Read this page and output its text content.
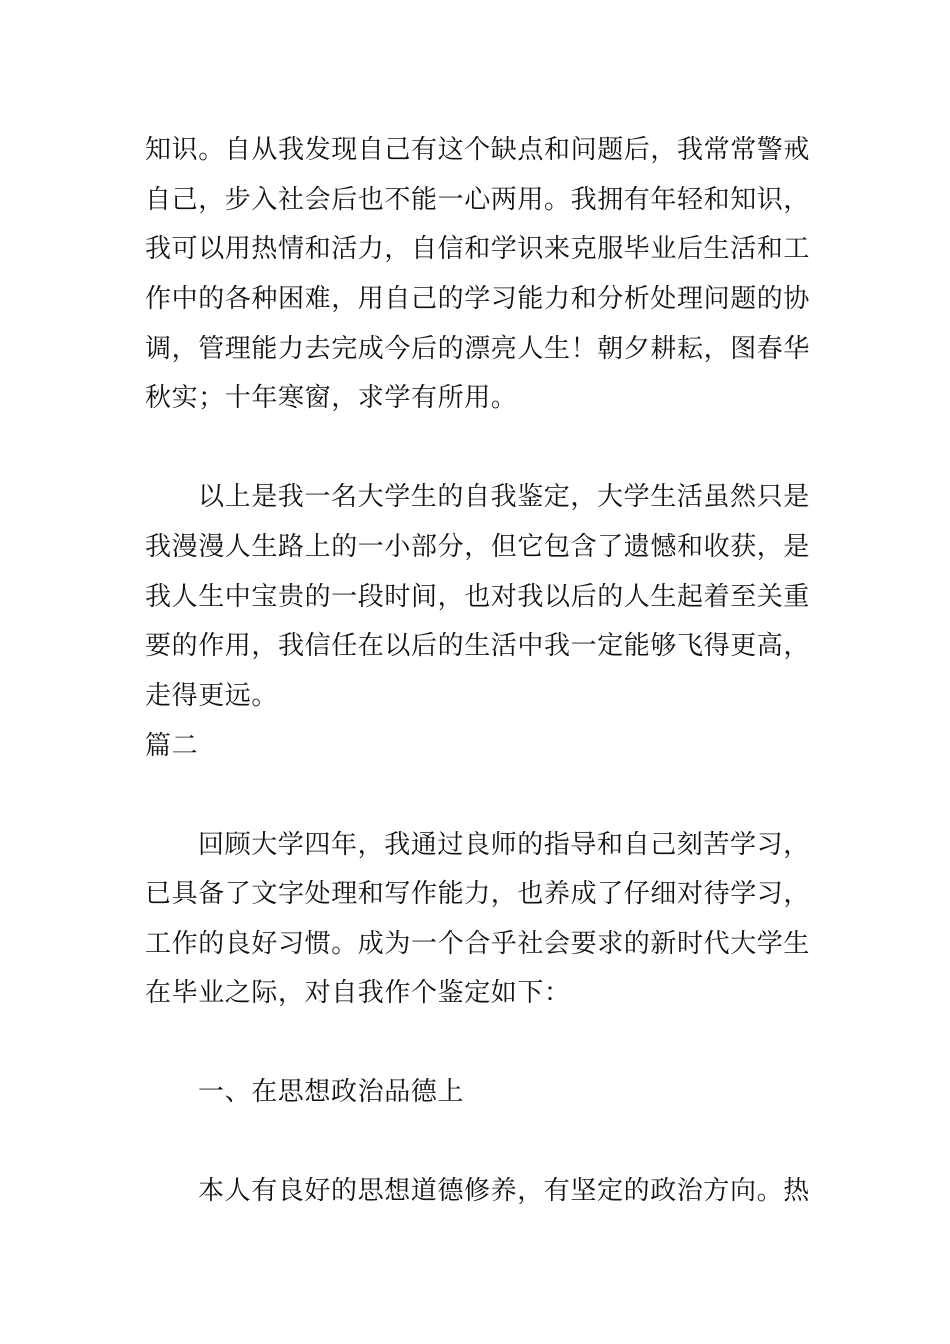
知识。自从我发现自己有这个缺点和问题后，我常常警戒
自己，步入社会后也不能一心两用。我拥有年轻和知识，
我可以用热情和活力，自信和学识来克服毕业后生活和工
作中的各种困难，用自己的学习能力和分析处理问题的协
调，管理能力去完成今后的漂亮人生！朝夕耕耘，图春华
秋实；十年寒窗，求学有所用。
以上是我一名大学生的自我鉴定，大学生活虽然只是
我漫漫人生路上的一小部分，但它包含了遗憾和收获，是
我人生中宝贵的一段时间，也对我以后的人生起着至关重
要的作用，我信任在以后的生活中我一定能够飞得更高，
走得更远。
篇二
回顾大学四年，我通过良师的指导和自己刻苦学习，
已具备了文字处理和写作能力，也养成了仔细对待学习，
工作的良好习惯。成为一个合乎社会要求的新时代大学生
在毕业之际，对自我作个鉴定如下：
一、在思想政治品德上
本人有良好的思想道德修养，有坚定的政治方向。热
